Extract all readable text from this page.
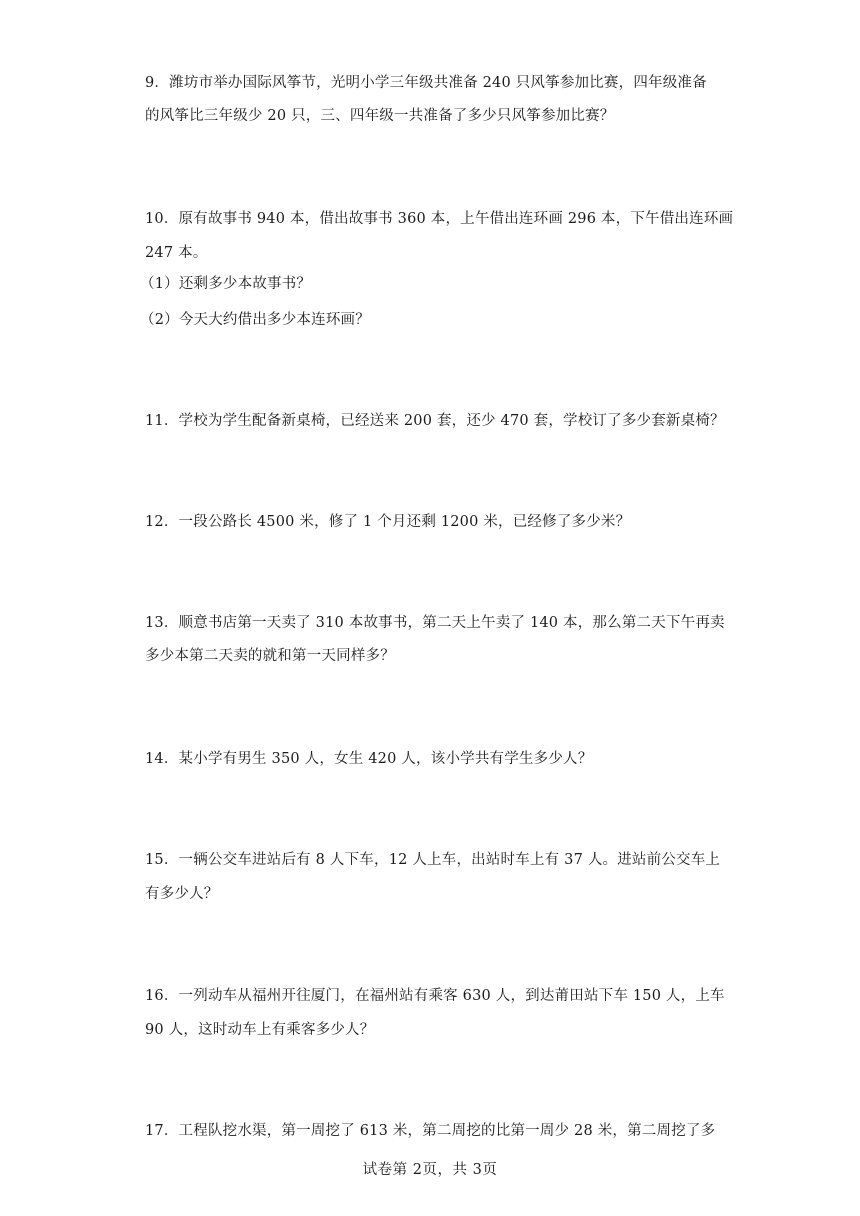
9．潍坊市举办国际风筝节，光明小学三年级共准备 240 只风筝参加比赛，四年级准备
的风筝比三年级少 20 只，三、四年级一共准备了多少只风筝参加比赛？
10．原有故事书 940 本，借出故事书 360 本，上午借出连环画 296 本，下午借出连环画
247 本。
（1）还剩多少本故事书？
（2）今天大约借出多少本连环画？
11．学校为学生配备新桌椅，已经送来 200 套，还少 470 套，学校订了多少套新桌椅？
12．一段公路长 4500 米，修了 1 个月还剩 1200 米，已经修了多少米？
13．顺意书店第一天卖了 310 本故事书，第二天上午卖了 140 本，那么第二天下午再卖
多少本第二天卖的就和第一天同样多？
14．某小学有男生 350 人，女生 420 人，该小学共有学生多少人？
15．一辆公交车进站后有 8 人下车，12 人上车，出站时车上有 37 人。进站前公交车上
有多少人？
16．一列动车从福州开往厦门，在福州站有乘客 630 人，到达莆田站下车 150 人，上车
90 人，这时动车上有乘客多少人？
17．工程队挖水渠，第一周挖了 613 米，第二周挖的比第一周少 28 米，第二周挖了多
试卷第 2页，共 3页
